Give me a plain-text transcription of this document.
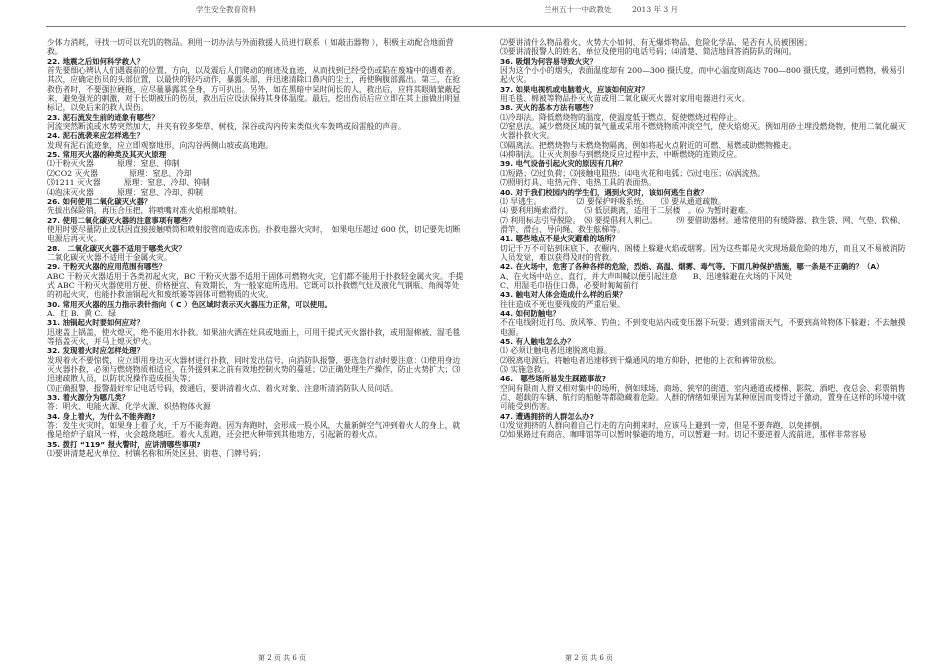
学生安全教育资料	兰州五十一中政教处	2013 年 3 月

少体力消耗，寻找一切可以充饥的物品。利用一切办法与外面救援人员进行联系（ 如敲击器物 ），积极主动配合地面营救。

22. 地震之后如何科学救人？

首先要细心辨认人们遇震前的位置、方向，以及震后人们爬动的痕迹及血迹，从而找到已经受伤或陷在废墟中的遇难者。其次，应确定伤员的头部位置，以最快的轻巧动作，暴露头部，并迅速清除口鼻内的尘土，再使胸腹部露出。第三，在抢救伤者时，不要强拉硬拖，应尽量暴露其全身，方可扒出。另外，如在黑暗中呆时间长的人，救出后，应将其眼睛蒙蔽起来，避免强光的刺激，对于长期被压的伤员，救出后应设法保持其身体温度。最后，挖出伤员后应立即在其上面做出明显标记，以免后来的救人误伤。

23. 泥石流发生前的迹象有哪些？

河流突然断流或水势突然加大，并夹有较多柴草、树枝，深谷或沟内传来类似火车轰鸣或闷雷般的声音。

24. 泥石流袭来应怎样逃生？

发现有泥石流迹象，应立即观察地形，向沟谷两侧山坡或高地跑。

25. 常用灭火器的种类及其灭火原理

⑴干粉灭火器　　　原理：窒息、抑制

⑵CO2 灭火器　　　　原理：窒息、冷却

⑶1211 灭火器　　　原理：窒息、冷却、抑制

⑷泡沫灭火器　　　原理：窒息、冷却、抑制

26. 如何使用二氧化碳灭火器？

先拔出保险销，再压合压把，将喷嘴对准火焰根部喷射。

27. 使用二氧化碳灭火器的注意事项有哪些？

使用时要尽量防止皮肤因直接接触喷筒和喷射胶管而造成冻伤。扑救电器火灾时，　如果电压超过 600 伏，切记要先切断电源后再灭火。

28.　二氧化碳灭火器不适用于哪类火灾？

二氧化碳灭火器不适用于金属火灾。

29. 干粉灭火器的应用范围有哪些？

ABC 干粉灭火器适用于各类初起火灾，BC 干粉灭火器不适用于固体可燃物火灾，它们都不能用于扑救轻金属火灾。手提式 ABC 干粉灭火器使用方便、价格便宜、有效期长，为一般家庭所选用。它既可以扑救燃气灶及液化气钢瓶、角阀等处的初起火灾，也能扑救油锅起火和废纸篓等固体可燃物质的火灾。

30. 常用灭火器的压力指示表针指向（ C ）色区域时表示灭火器压力正常，可以使用。

A．红 B．黄 C．绿

31. 油锅起火时要如何应对？

迅速盖上锅盖，使火熄灭，绝不能用水扑救。如果油火洒在灶具或地面上，可用干提式灭火器扑救，或用湿棉被、湿毛毯等捂盖灭火，并马上熄灭炉火。

32. 发现着火时应怎样处理？

发现着火不要惊慌，应立即用身边灭火器材进行扑救，同时发出信号，向消防队报警，要选急行动时要注意：⑴使用身边灭火器扑救，必须与燃烧物质相适应，在外援到来之前有效地控制火势的蔓延；⑵正确处理生产操作，防止火势扩大；⑶迅速疏散人员，以防状况操作造成损失等；

⑶正确报警，报警最好牢记电话号码，拨通后，要讲清着火点、着火对象、注意听清消防队人员问话。

33. 着火源分为哪几类？

答：明火、电能火源、化学火源、炽热物体火源

34. 身上着火，为什么不能奔跑?

答：发生火灾时，如果身上着了火，千万不能奔跑。因为奔跑时，会形成一股小风，大量新鲜空气冲到着火人的身上，就像是给炉子扇风一样，火会越烧越旺。着火人乱跑，还会把火种带到其他地方，引起新的着火点。

35. 拨打 “119” 报火警时，应讲清哪些事项?

⑴要讲清楚起火单位、村镇名称和所处区县、街巷、门牌号码；

⑵要讲清什么物品着火、火势大小如何、有无爆炸物品、危险化学品、是否有人员被围困；

⑶要讲清报警人的姓名、单位及使用的电话号码；⑷清楚、简洁地回答消防队的询问。

36. 吸烟为何容易导致火灾？

因为这个小小的烟头，表面温度却有 200—300 摄氏度，而中心温度则高达 700—800 摄氏度，遇到可燃物，极易引起火灾。

37. 如果电视机或电脑着火，应该如何应对？

用毛毯、棉被等物品扑灭火苗或用二氧化碳灭火器对家用电器进行灭火。

38. 灭火的基本方法有哪些？

⑴冷却法。降低燃烧物的温度，使温度低于燃点，促使燃烧过程停止。

⑵窒息法。减少燃烧区域的氧气量或采用不燃烧物质冲淡空气，使火焰熄灭。例如用砂土埋没燃烧物，使用二氧化碳灭火器扑救火灾。

⑶隔离法。把燃烧物与未燃烧物隔离，例如将起火点附近的可燃、易燃或助燃物搬走。

⑷抑制法。让灭火剂参与到燃烧反应过程中去，中断燃烧的连锁反应。

39. 电气设备引起火灾的原因有几种？

⑴短路；⑵过负荷；⑶接触电阻热；⑷电火花和电弧；⑸过电压；⑹涡流热。

⑺照明灯具、电热元件、电热工具的表面热。

40. 对于我们校园内的学生们，遇到火灾时，该如何逃生自救？

⑴ 早逃生。　　　　　⑵ 要保护呼吸系统。　　⑶ 要从通道疏散。

⑷ 要利用绳索滑行。　　⑸ 低层跳离，适用于二层楼　。⑹ 为暂时避难。

⑺ 利用标志引导脱险。　⑻ 要提倡利人利己。　　　⑼ 要借助器材。通常使用的有缓降器、救生袋、网、气垫、软梯、滑竿、滑台、导向绳、救生舷梯等。

41. 哪些地点不是火灾避难的场所？

切记千万不可钻到床底下、衣橱内、阁楼上躲避火焰或烟雾。因为这些都是火灾现场最危险的地方，而且又不易被消防人员发觉，难以获得及时的营救。

42. 在火场中，危害了各种各样的危险，烈焰、高温、烟雾、毒气等。下面几种保护措施，哪一条是不正确的？（A）

A、在火场中站立、直行，并大声叫喊以便引起注意　　B、迅速躲避在火场的下风处

C、用湿毛巾捂住口鼻，必要时匍匐前行

43. 触电对人体会造成什么样的后果？

往往造成不死也要残废的严重后果。

44. 如何防触电？

不在电线附近打鸟、放风筝、钓鱼；不到变电站内或变压器下玩耍；遇到雷雨天气，不要到高耸物体下躲避；不去触摸电源。

45. 有人触电怎么办？

⑴ 必须让触电者迅速脱离电源。

⑵脱离电源后，将触电者迅速移到干燥通风的地方仰卧，把他的上衣和裤带放松。

⑶ 实施急救。

46.　哪些场所易发生踩踏事故?

空间有限而人群又相对集中的场所，例如球场、商场、狭窄的街道、室内通道或楼梯、影院、酒吧、夜总会、彩票销售点、超载的车辆、航行的船舱等都隐藏着危险。人群的情绪如果因为某种原因而变得过于激动，置身在这样的环境中就可能受到伤害。

47. 遭遇拥挤的人群怎么办?

⑴发觉拥挤的人群向着自己行走的方向拥来时，应该马上避到一旁，但是不要奔跑，以免摔倒。

⑵如果路过有商店、咖啡馆等可以暂时躲避的地方，可以暂避一时。切记不要逆着人流前进，那样非常容易

第 2 页 共 6 页	第 2 页 共 6 页
